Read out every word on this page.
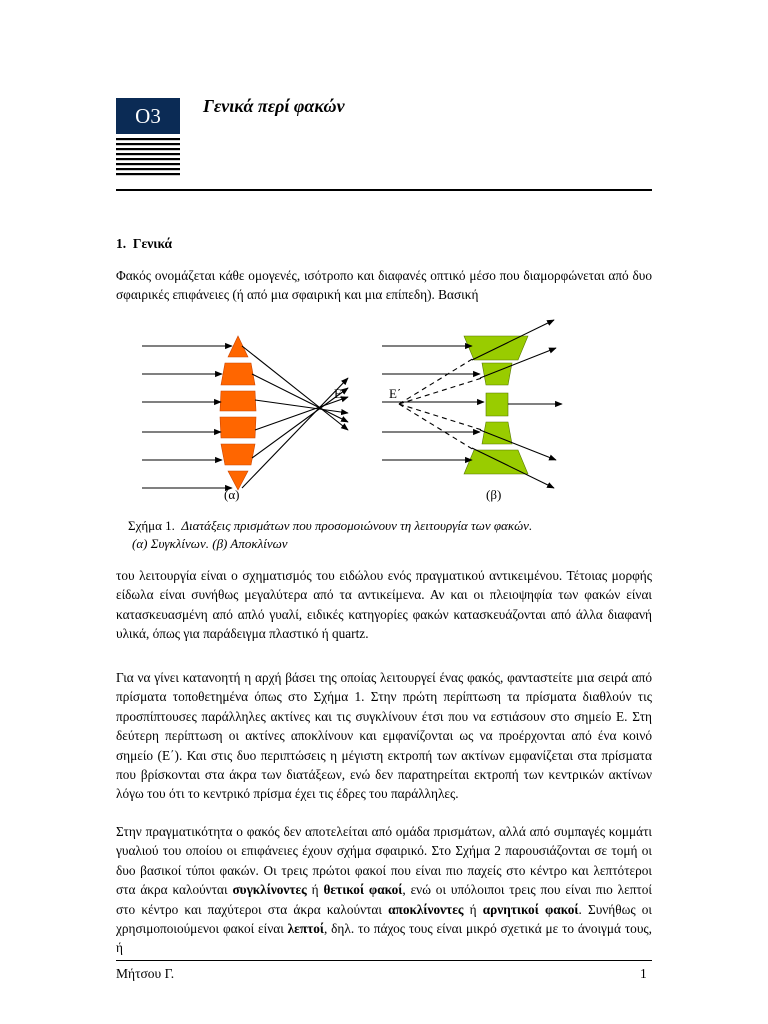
Ο3	Γενικά περί φακών
1. Γενικά

Φακός ονομάζεται κάθε ομογενές, ισότροπο και διαφανές οπτικό μέσο που διαμορφώνεται από δυο σφαιρικές επιφάνειες (ή από μια σφαιρική και μια επίπεδη). Βασική

Ε	Ε΄
(α)	(β)
Σχήμα 1. Διατάξεις πρισμάτων που προσομοιώνουν τη λειτουργία των φακών.
(α) Συγκλίνων. (β) Αποκλίνων

του λειτουργία είναι ο σχηματισμός του ειδώλου ενός πραγματικού αντικειμένου. Τέτοιας μορφής είδωλα είναι συνήθως μεγαλύτερα από τα αντικείμενα. Αν και οι πλειοψηφία των φακών είναι κατασκευασμένη από απλό γυαλί, ειδικές κατηγορίες φακών κατασκευάζονται από άλλα διαφανή υλικά, όπως για παράδειγμα πλαστικό ή quartz.

Για να γίνει κατανοητή η αρχή βάσει της οποίας λειτουργεί ένας φακός, φανταστείτε μια σειρά από πρίσματα τοποθετημένα όπως στο Σχήμα 1. Στην πρώτη περίπτωση τα πρίσματα διαθλούν τις προσπίπτουσες παράλληλες ακτίνες και τις συγκλίνουν έτσι που να εστιάσουν στο σημείο Ε. Στη δεύτερη περίπτωση οι ακτίνες αποκλίνουν και εμφανίζονται ως να προέρχονται από ένα κοινό σημείο (Ε΄). Και στις δυο περιπτώσεις η μέγιστη εκτροπή των ακτίνων εμφανίζεται στα πρίσματα που βρίσκονται στα άκρα των διατάξεων, ενώ δεν παρατηρείται εκτροπή των κεντρικών ακτίνων λόγω του ότι το κεντρικό πρίσμα έχει τις έδρες του παράλληλες.

Στην πραγματικότητα ο φακός δεν αποτελείται από ομάδα πρισμάτων, αλλά από συμπαγές κομμάτι γυαλιού του οποίου οι επιφάνειες έχουν σχήμα σφαιρικό. Στο Σχήμα 2 παρουσιάζονται σε τομή οι δυο βασικοί τύποι φακών. Οι τρεις πρώτοι φακοί που είναι πιο παχείς στο κέντρο και λεπτότεροι στα άκρα καλούνται συγκλίνοντες ή θετικοί φακοί, ενώ οι υπόλοιποι τρεις που είναι πιο λεπτοί στο κέντρο και παχύτεροι στα άκρα καλούνται αποκλίνοντες ή αρνητικοί φακοί. Συνήθως οι χρησιμοποιούμενοι φακοί είναι λεπτοί, δηλ. το πάχος τους είναι μικρό σχετικά με το άνοιγμά τους, ή

Μήτσου Γ.	1
